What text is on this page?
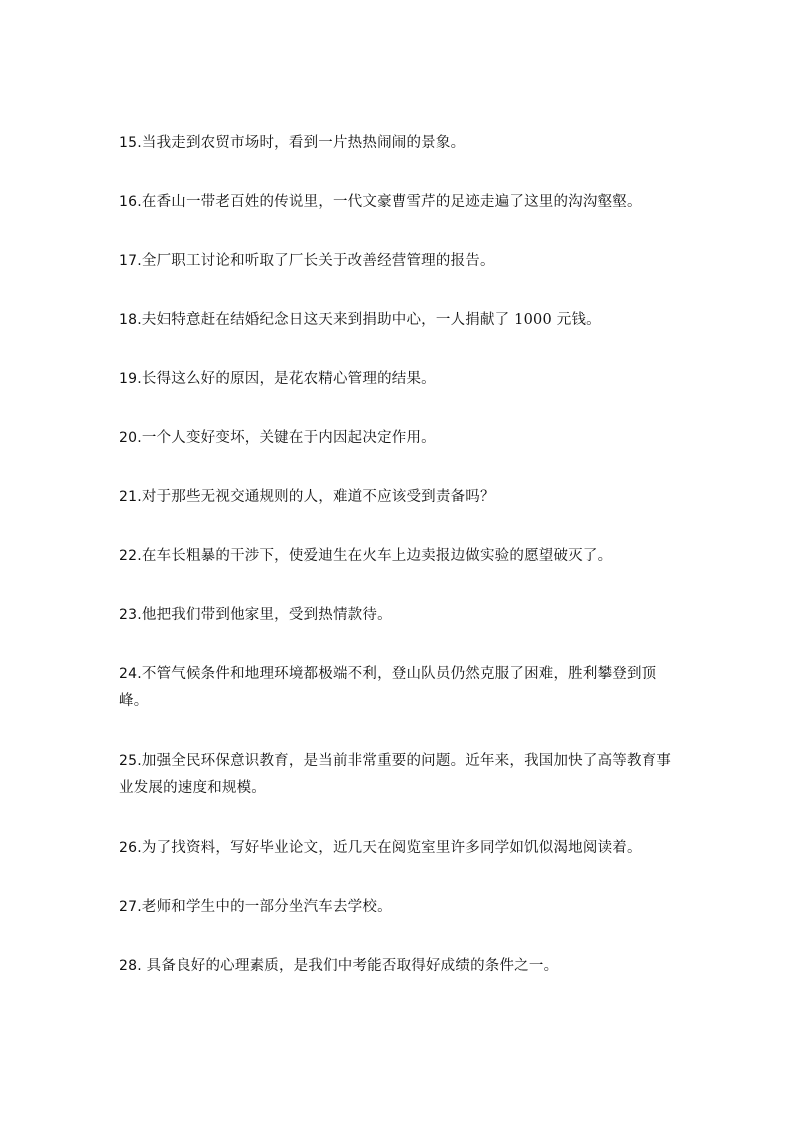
15.当我走到农贸市场时，看到一片热热闹闹的景象。
16.在香山一带老百姓的传说里，一代文豪曹雪芹的足迹走遍了这里的沟沟壑壑。
17.全厂职工讨论和听取了厂长关于改善经营管理的报告。
18.夫妇特意赶在结婚纪念日这天来到捐助中心，一人捐献了 1000 元钱。
19.长得这么好的原因，是花农精心管理的结果。
20.一个人变好变坏，关键在于内因起决定作用。
21.对于那些无视交通规则的人，难道不应该受到责备吗？
22.在车长粗暴的干涉下，使爱迪生在火车上边卖报边做实验的愿望破灭了。
23.他把我们带到他家里，受到热情款待。
24.不管气候条件和地理环境都极端不利，登山队员仍然克服了困难，胜利攀登到顶峰。
25.加强全民环保意识教育，是当前非常重要的问题。近年来，我国加快了高等教育事业发展的速度和规模。
26.为了找资料，写好毕业论文，近几天在阅览室里许多同学如饥似渴地阅读着。
27.老师和学生中的一部分坐汽车去学校。
28. 具备良好的心理素质，是我们中考能否取得好成绩的条件之一。
